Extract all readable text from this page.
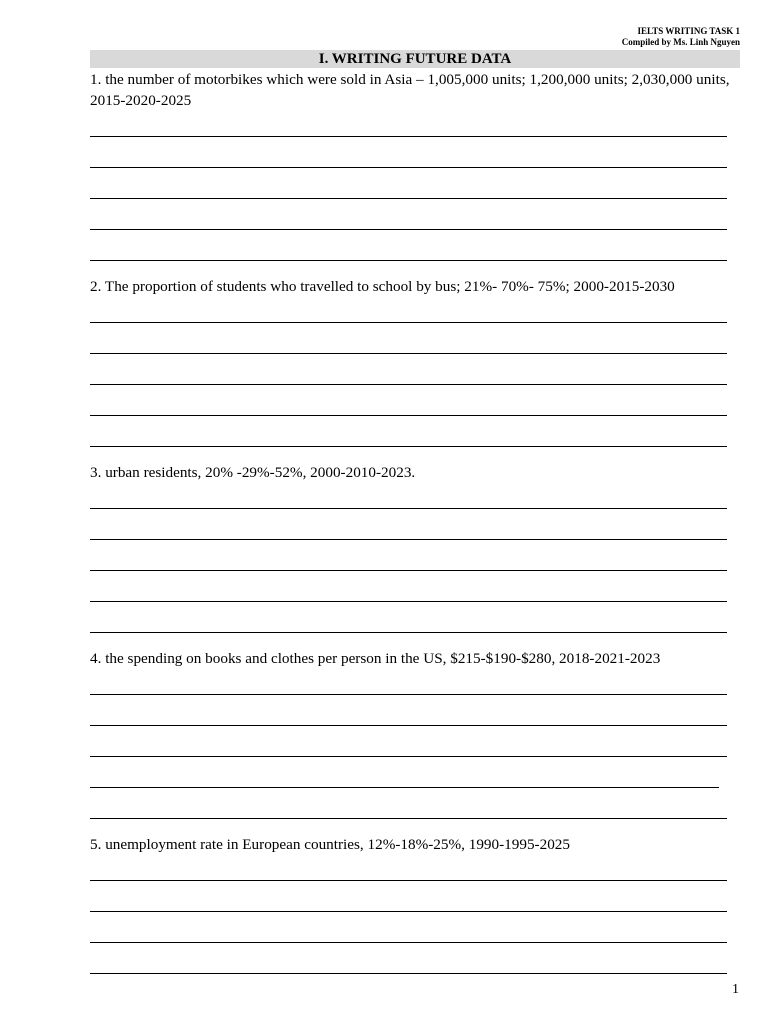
IELTS WRITING TASK 1
Compiled by Ms. Linh Nguyen
I. WRITING FUTURE DATA
1. the number of motorbikes which were sold in Asia – 1,005,000 units; 1,200,000 units; 2,030,000 units, 2015-2020-2025
2. The proportion of students who travelled to school by bus; 21%- 70%- 75%; 2000-2015-2030
3. urban residents, 20% -29%-52%, 2000-2010-2023.
4. the spending on books and clothes per person in the US, $215-$190-$280, 2018-2021-2023
5. unemployment rate in European countries, 12%-18%-25%, 1990-1995-2025
1
